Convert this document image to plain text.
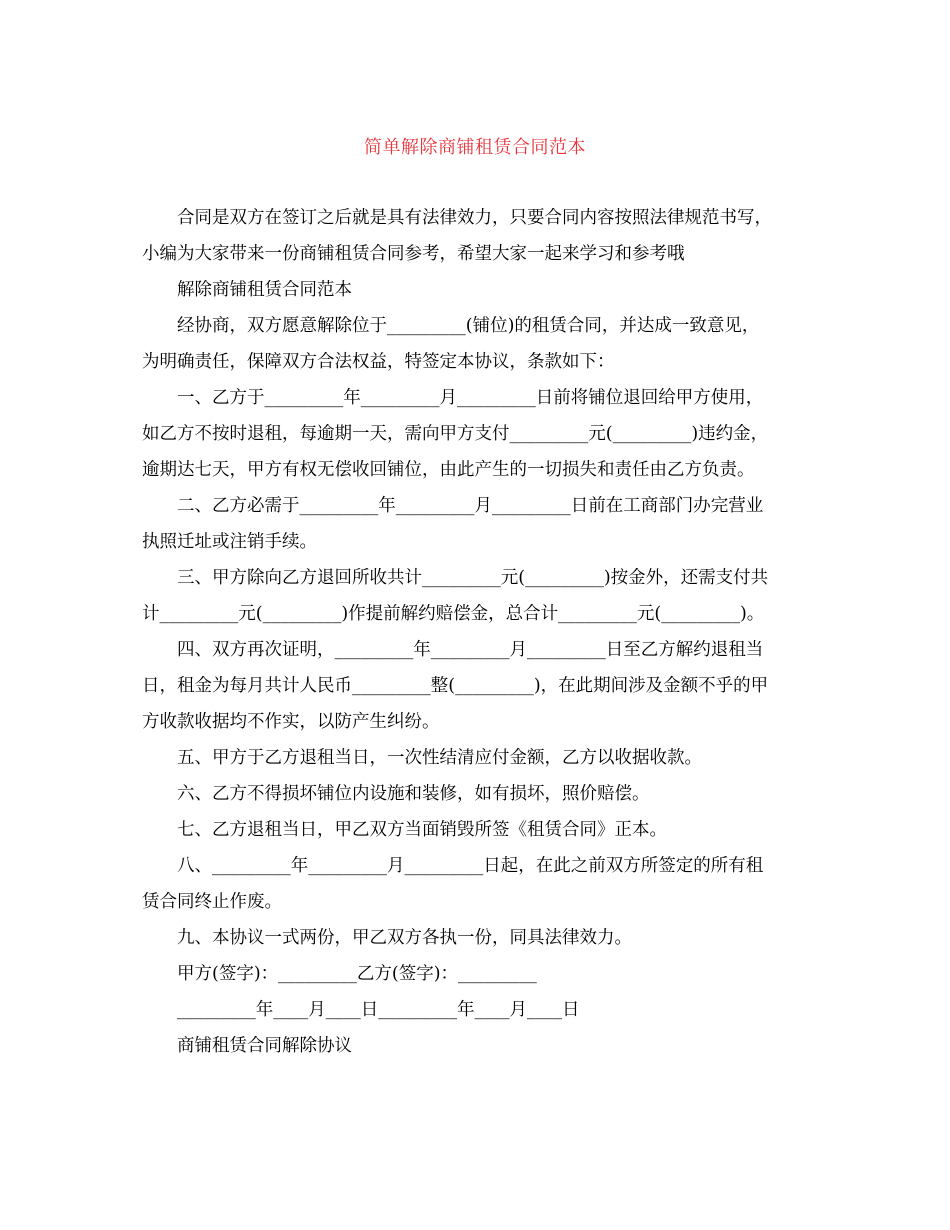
简单解除商铺租赁合同范本

合同是双方在签订之后就是具有法律效力，只要合同内容按照法律规范书写，
小编为大家带来一份商铺租赁合同参考，希望大家一起来学习和参考哦

解除商铺租赁合同范本

经协商，双方愿意解除位于_________(铺位)的租赁合同，并达成一致意见，
为明确责任，保障双方合法权益，特签定本协议，条款如下：

一、乙方于_________年_________月_________日前将铺位退回给甲方使用，
如乙方不按时退租，每逾期一天，需向甲方支付_________元(_________)违约金，
逾期达七天，甲方有权无偿收回铺位，由此产生的一切损失和责任由乙方负责。

二、乙方必需于_________年_________月_________日前在工商部门办完营业
执照迁址或注销手续。

三、甲方除向乙方退回所收共计_________元(_________)按金外，还需支付共
计_________元(_________)作提前解约赔偿金，总合计_________元(_________)。

四、双方再次证明，_________年_________月_________日至乙方解约退租当
日，租金为每月共计人民币_________整(_________)，在此期间涉及金额不乎的甲
方收款收据均不作实，以防产生纠纷。

五、甲方于乙方退租当日，一次性结清应付金额，乙方以收据收款。

六、乙方不得损坏铺位内设施和装修，如有损坏，照价赔偿。

七、乙方退租当日，甲乙双方当面销毁所签《租赁合同》正本。

八、_________年_________月_________日起，在此之前双方所签定的所有租
赁合同终止作废。

九、本协议一式两份，甲乙双方各执一份，同具法律效力。

甲方(签字)：_________乙方(签字)：_________

_________年____月____日_________年____月____日

商铺租赁合同解除协议
